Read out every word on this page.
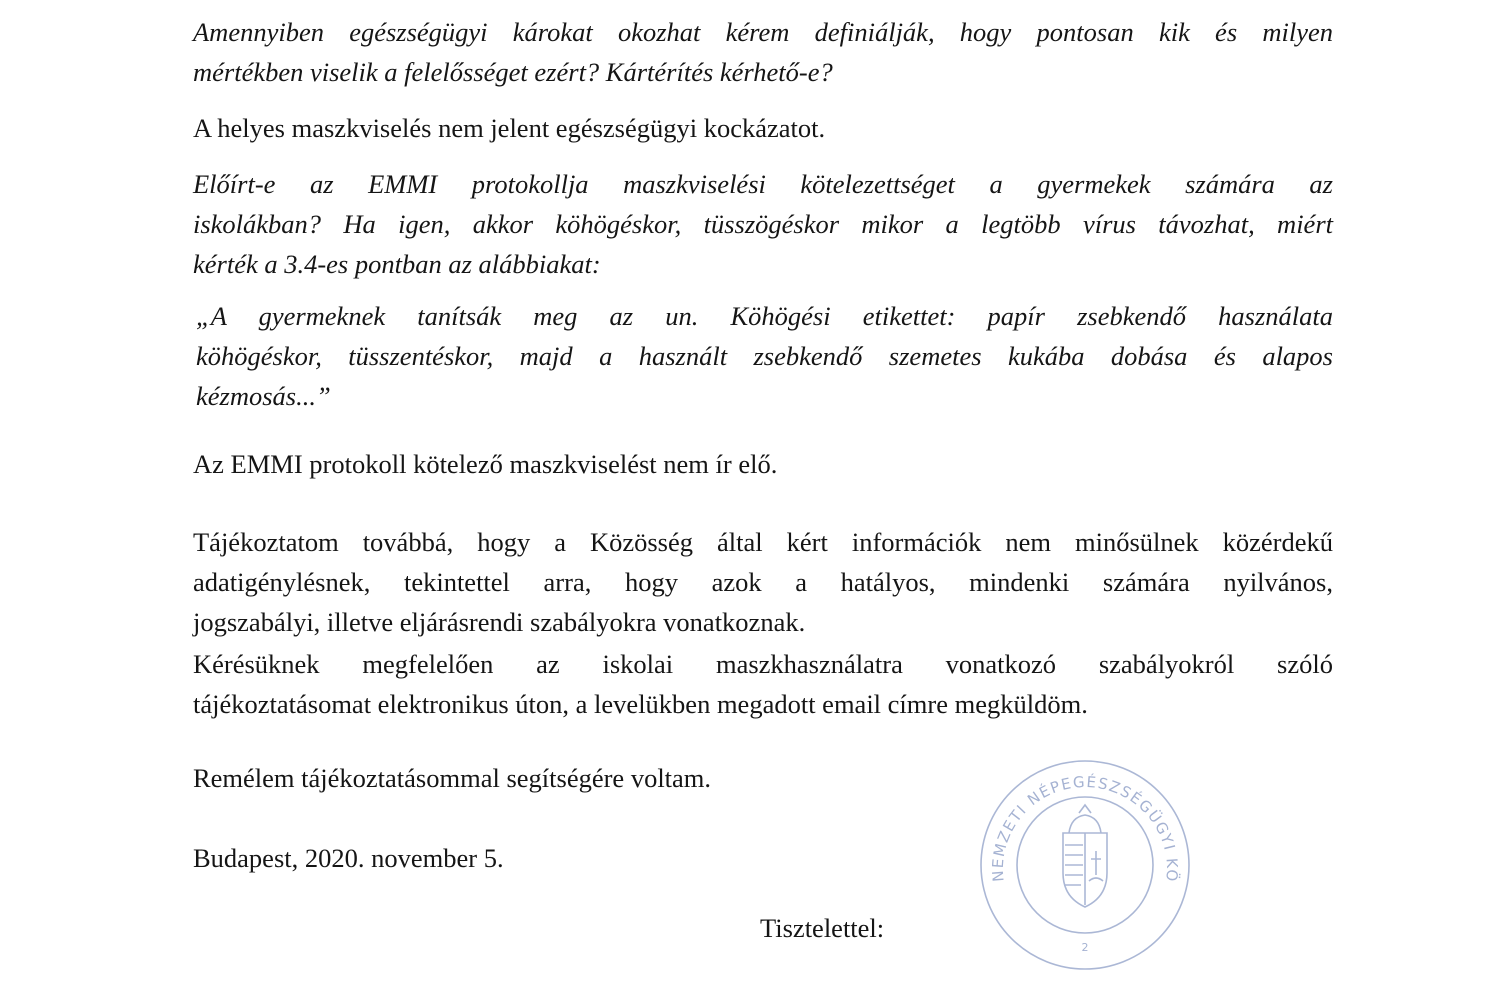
Amennyiben egészségügyi károkat okozhat kérem definiálják, hogy pontosan kik és milyen
mértékben viselik a felelősséget ezért? Kártérítés kérhető-e?
A helyes maszkviselés nem jelent egészségügyi kockázatot.
Előírt-e az EMMI protokollja maszkviselési kötelezettséget a gyermekek számára az
iskolákban? Ha igen, akkor köhögéskor, tüsszögéskor mikor a legtöbb vírus távozhat, miért
kérték a 3.4-es pontban az alábbiakat:
„A gyermeknek tanítsák meg az un. Köhögési etikettet: papír zsebkendő használata
köhögéskor, tüsszentéskor, majd a használt zsebkendő szemetes kukába dobása és alapos
kézmosás...”
Az EMMI protokoll kötelező maszkviselést nem ír elő.
Tájékoztatom továbbá, hogy a Közösség által kért információk nem minősülnek közérdekű
adatigénylésnek, tekintettel arra, hogy azok a hatályos, mindenki számára nyilvános,
jogszabályi, illetve eljárásrendi szabályokra vonatkoznak.
Kérésüknek megfelelően az iskolai maszkhasználatra vonatkozó szabályokról szóló
tájékoztatásomat elektronikus úton, a levelükben megadott email címre megküldöm.
Remélem tájékoztatásommal segítségére voltam.
Budapest, 2020. november 5.
Tisztelettel:
NEMZETI NÉPEGÉSZSÉGÜGYI KÖ
2
